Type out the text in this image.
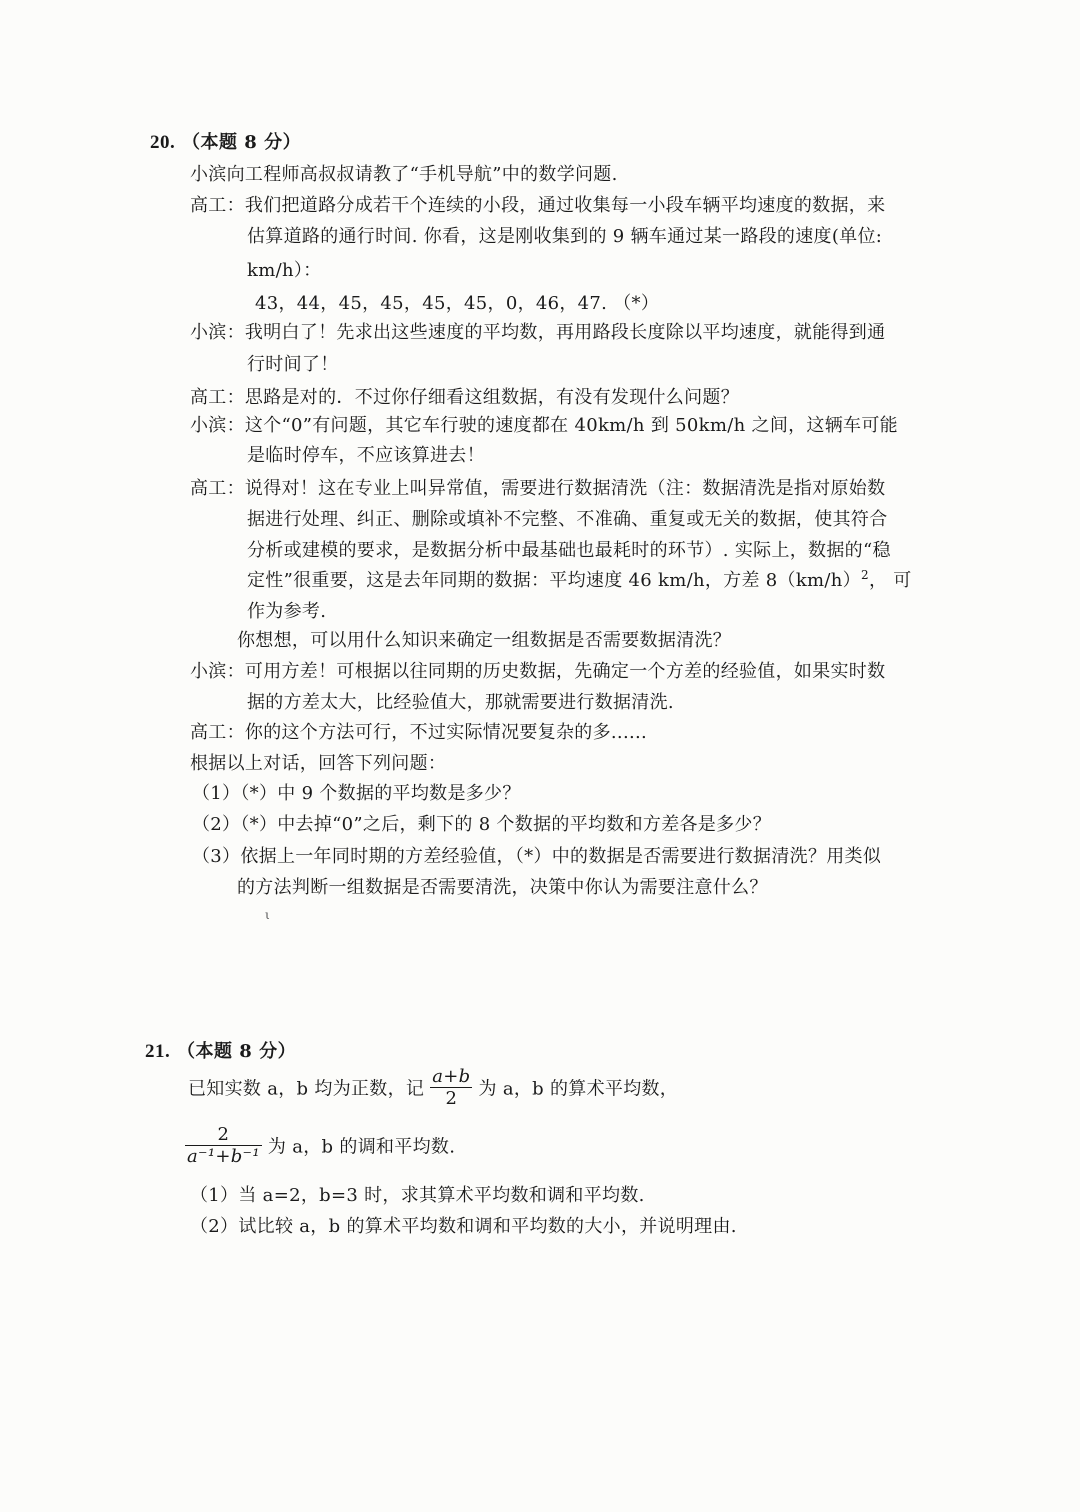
20. （本题 8 分）
小滨向工程师高叔叔请教了“手机导航”中的数学问题.
高工：我们把道路分成若干个连续的小段，通过收集每一小段车辆平均速度的数据，来
估算道路的通行时间. 你看，这是刚收集到的 9 辆车通过某一路段的速度(单位:
km/h）：
43，44，45，45，45，45，0，46，47. （*）
小滨：我明白了！先求出这些速度的平均数，再用路段长度除以平均速度，就能得到通
行时间了！
高工：思路是对的．不过你仔细看这组数据，有没有发现什么问题？
小滨：这个“0”有问题，其它车行驶的速度都在 40km/h 到 50km/h 之间，这辆车可能
是临时停车，不应该算进去！
高工：说得对！这在专业上叫异常值，需要进行数据清洗（注：数据清洗是指对原始数
据进行处理、纠正、删除或填补不完整、不准确、重复或无关的数据，使其符合
分析或建模的要求，是数据分析中最基础也最耗时的环节）. 实际上，数据的“稳
定性”很重要，这是去年同期的数据：平均速度 46 km/h，方差 $8(km/h)^2$， 可
作为参考.
你想想，可以用什么知识来确定一组数据是否需要数据清洗？
小滨：可用方差！可根据以往同期的历史数据，先确定一个方差的经验值，如果实时数
据的方差太大，比经验值大，那就需要进行数据清洗.
高工：你的这个方法可行，不过实际情况要复杂的多......
根据以上对话，回答下列问题：
（1）（*）中 9 个数据的平均数是多少？
（2）（*）中去掉“0”之后，剩下的 8 个数据的平均数和方差各是多少？
（3）依据上一年同时期的方差经验值，（*）中的数据是否需要进行数据清洗？用类似
的方法判断一组数据是否需要清洗，决策中你认为需要注意什么？
ι
21. （本题 8 分）
已知实数 a，b 均为正数，记 $\frac{a+b}{2}$ 为 a，b 的算术平均数，
$\frac{2}{\text{a⁻¹+b⁻¹}}$ 为 a，b 的调和平均数.
（1）当 a=2，b=3 时，求其算术平均数和调和平均数.
（2）试比较 a，b 的算术平均数和调和平均数的大小，并说明理由.
